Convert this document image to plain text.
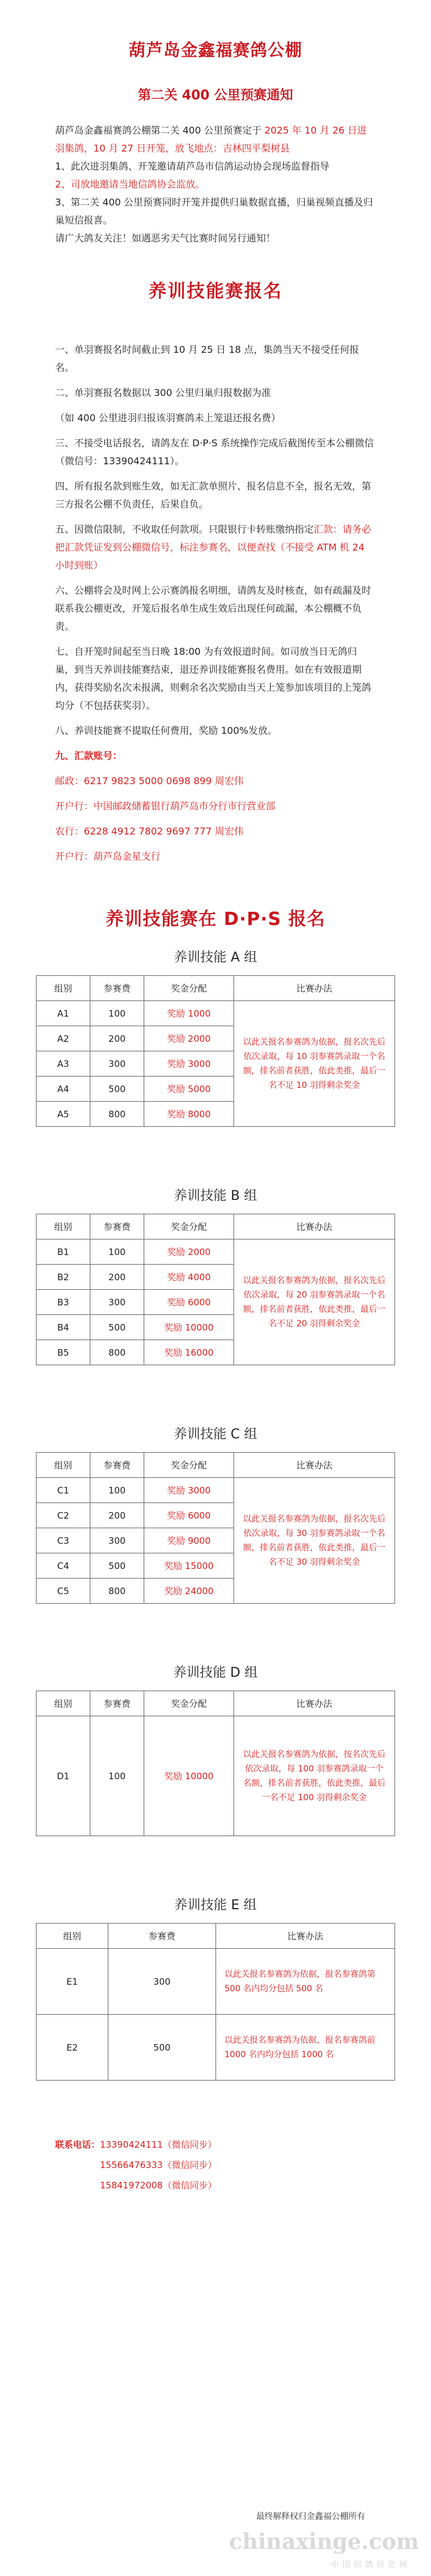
葫芦岛金鑫福赛鸽公棚
第二关 400 公里预赛通知

葫芦岛金鑫福赛鸽公棚第二关 400 公里预赛定于 2025 年 10 月 26 日进羽集鸽，10 月 27 日开笼，放飞地点：吉林四平梨树县

1、此次进羽集鸽、开笼邀请葫芦岛市信鸽运动协会现场监督指导

2、司放地邀请当地信鸽协会监放。

3、第二关 400 公里预赛同时开笼并提供归巢数据直播，归巢视频直播及归巢短信报喜。

请广大鸽友关注！如遇恶劣天气比赛时间另行通知！

养训技能赛报名

一、单羽赛报名时间截止到 10 月 25 日 18 点，集鸽当天不接受任何报名。

二、单羽赛报名数据以 300 公里归巢归报数据为准

（如 400 公里进羽归报该羽赛鸽未上笼退还报名费）

三、不接受电话报名，请鸽友在 D·P·S 系统操作完成后截图传至本公棚微信（微信号：13390424111）。

四、所有报名款到账生效，如无汇款单照片、报名信息不全，报名无效，第三方报名公棚不负责任，后果自负。

五、因微信限制，不收取任何款项。只限银行卡转账缴纳指定汇款：请务必把汇款凭证发到公棚微信号，标注参赛名，以便查找（不接受 ATM 机 24 小时到账）

六、公棚将会及时网上公示赛鸽报名明细，请鸽友及时核查，如有疏漏及时联系我公棚更改，开笼后报名单生成生效后出现任何疏漏，本公棚概不负责。

七、自开笼时间起至当日晚 18:00 为有效报道时间。如司放当日无鸽归巢，到当天养训技能赛结束，退还养训技能赛报名费用。如在有效报道期内，获得奖励名次未报满，则剩余名次奖励由当天上笼参加该项目的上笼鸽均分（不包括获奖羽）。

八、养训技能赛不提取任何费用，奖励 100%发放。

九、汇款账号：

邮政：6217 9823 5000 0698 899 周宏伟

开户行：中国邮政储蓄银行葫芦岛市分行市行营业部

农行：6228 4912 7802 9697 777 周宏伟

开户行：葫芦岛金星支行

养训技能赛在 D·P·S 报名
养训技能 A 组
组别	参赛费	奖金分配	比赛办法
A1	100	奖励 1000	以此关报名参赛鸽为依据，报名次先后依次录取，每 10 羽参赛鸽录取一个名额，排名前者获胜，依此类推，最后一名不足 10 羽得剩余奖金
A2	200	奖励 2000	
A3	300	奖励 3000	
A4	500	奖励 5000	
A5	800	奖励 8000	
养训技能 B 组
组别	参赛费	奖金分配	比赛办法
B1	100	奖励 2000	以此关报名参赛鸽为依据，报名次先后依次录取，每 20 羽参赛鸽录取一个名额，排名前者获胜，依此类推，最后一名不足 20 羽得剩余奖金
B2	200	奖励 4000	
B3	300	奖励 6000	
B4	500	奖励 10000	
B5	800	奖励 16000	
养训技能 C 组
组别	参赛费	奖金分配	比赛办法
C1	100	奖励 3000	以此关报名参赛鸽为依据，报名次先后依次录取，每 30 羽参赛鸽录取一个名额，排名前者获胜，依此类推，最后一名不足 30 羽得剩余奖金
C2	200	奖励 6000	
C3	300	奖励 9000	
C4	500	奖励 15000	
C5	800	奖励 24000	
养训技能 D 组
组别	参赛费	奖金分配	比赛办法
D1	100	奖励 10000	以此关报名参赛鸽为依据，按名次先后依次录取，每 100 羽参赛鸽录取一个名额，排名前者获胜，依此类推，最后一名不足 100 羽得剩余奖金
养训技能 E 组
组别	参赛费	比赛办法
E1	300	以此关报名参赛鸽为依据，报名参赛鸽第 500 名内均分包括 500 名
E2	500	以此关报名参赛鸽为依据，报名参赛鸽前 1000 名内均分包括 1000 名
联系电话：13390424111（微信同步）
15566476333（微信同步）
15841972008（微信同步）
最终解释权归金鑫福公棚所有
chinaxinge.com
中国信鸽信息网
